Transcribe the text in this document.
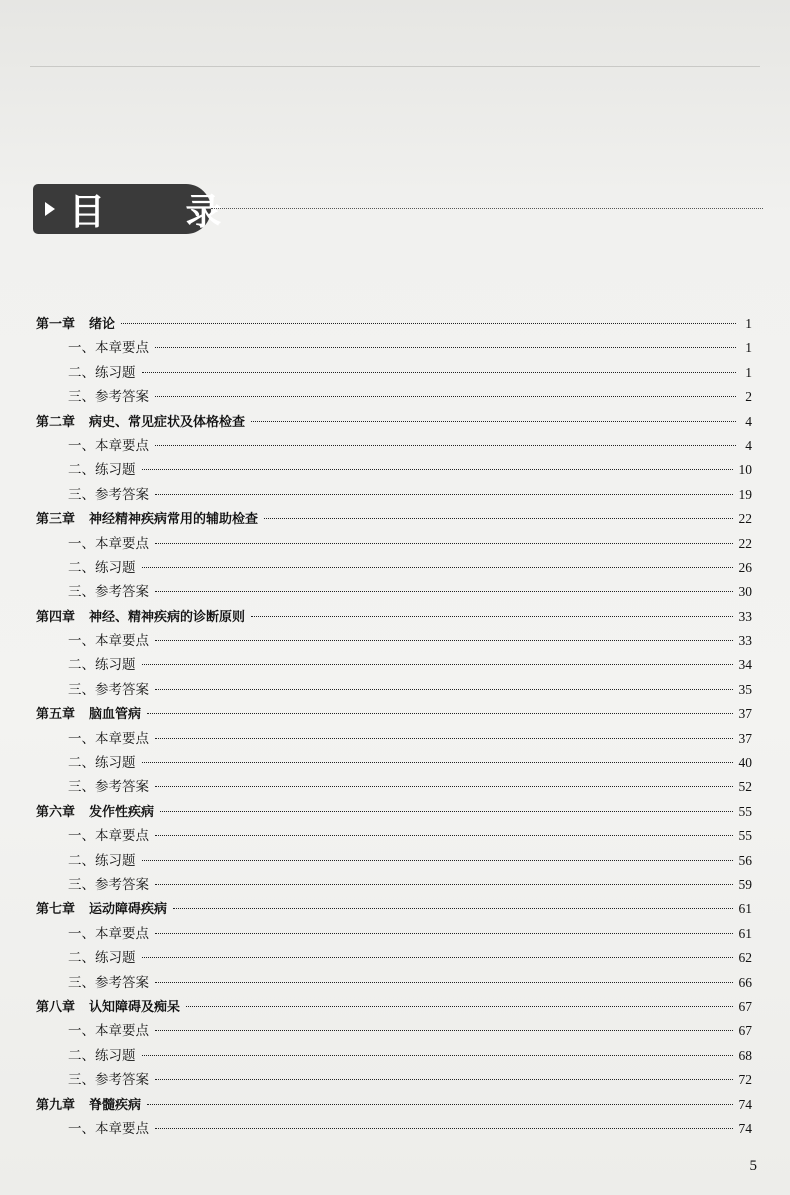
目 录
第一章 绪论	1
一、本章要点	1
二、练习题	1
三、参考答案	2
第二章 病史、常见症状及体格检查	4
一、本章要点	4
二、练习题	10
三、参考答案	19
第三章 神经精神疾病常用的辅助检查	22
一、本章要点	22
二、练习题	26
三、参考答案	30
第四章 神经、精神疾病的诊断原则	33
一、本章要点	33
二、练习题	34
三、参考答案	35
第五章 脑血管病	37
一、本章要点	37
二、练习题	40
三、参考答案	52
第六章 发作性疾病	55
一、本章要点	55
二、练习题	56
三、参考答案	59
第七章 运动障碍疾病	61
一、本章要点	61
二、练习题	62
三、参考答案	66
第八章 认知障碍及痴呆	67
一、本章要点	67
二、练习题	68
三、参考答案	72
第九章 脊髓疾病	74
一、本章要点	74
5
